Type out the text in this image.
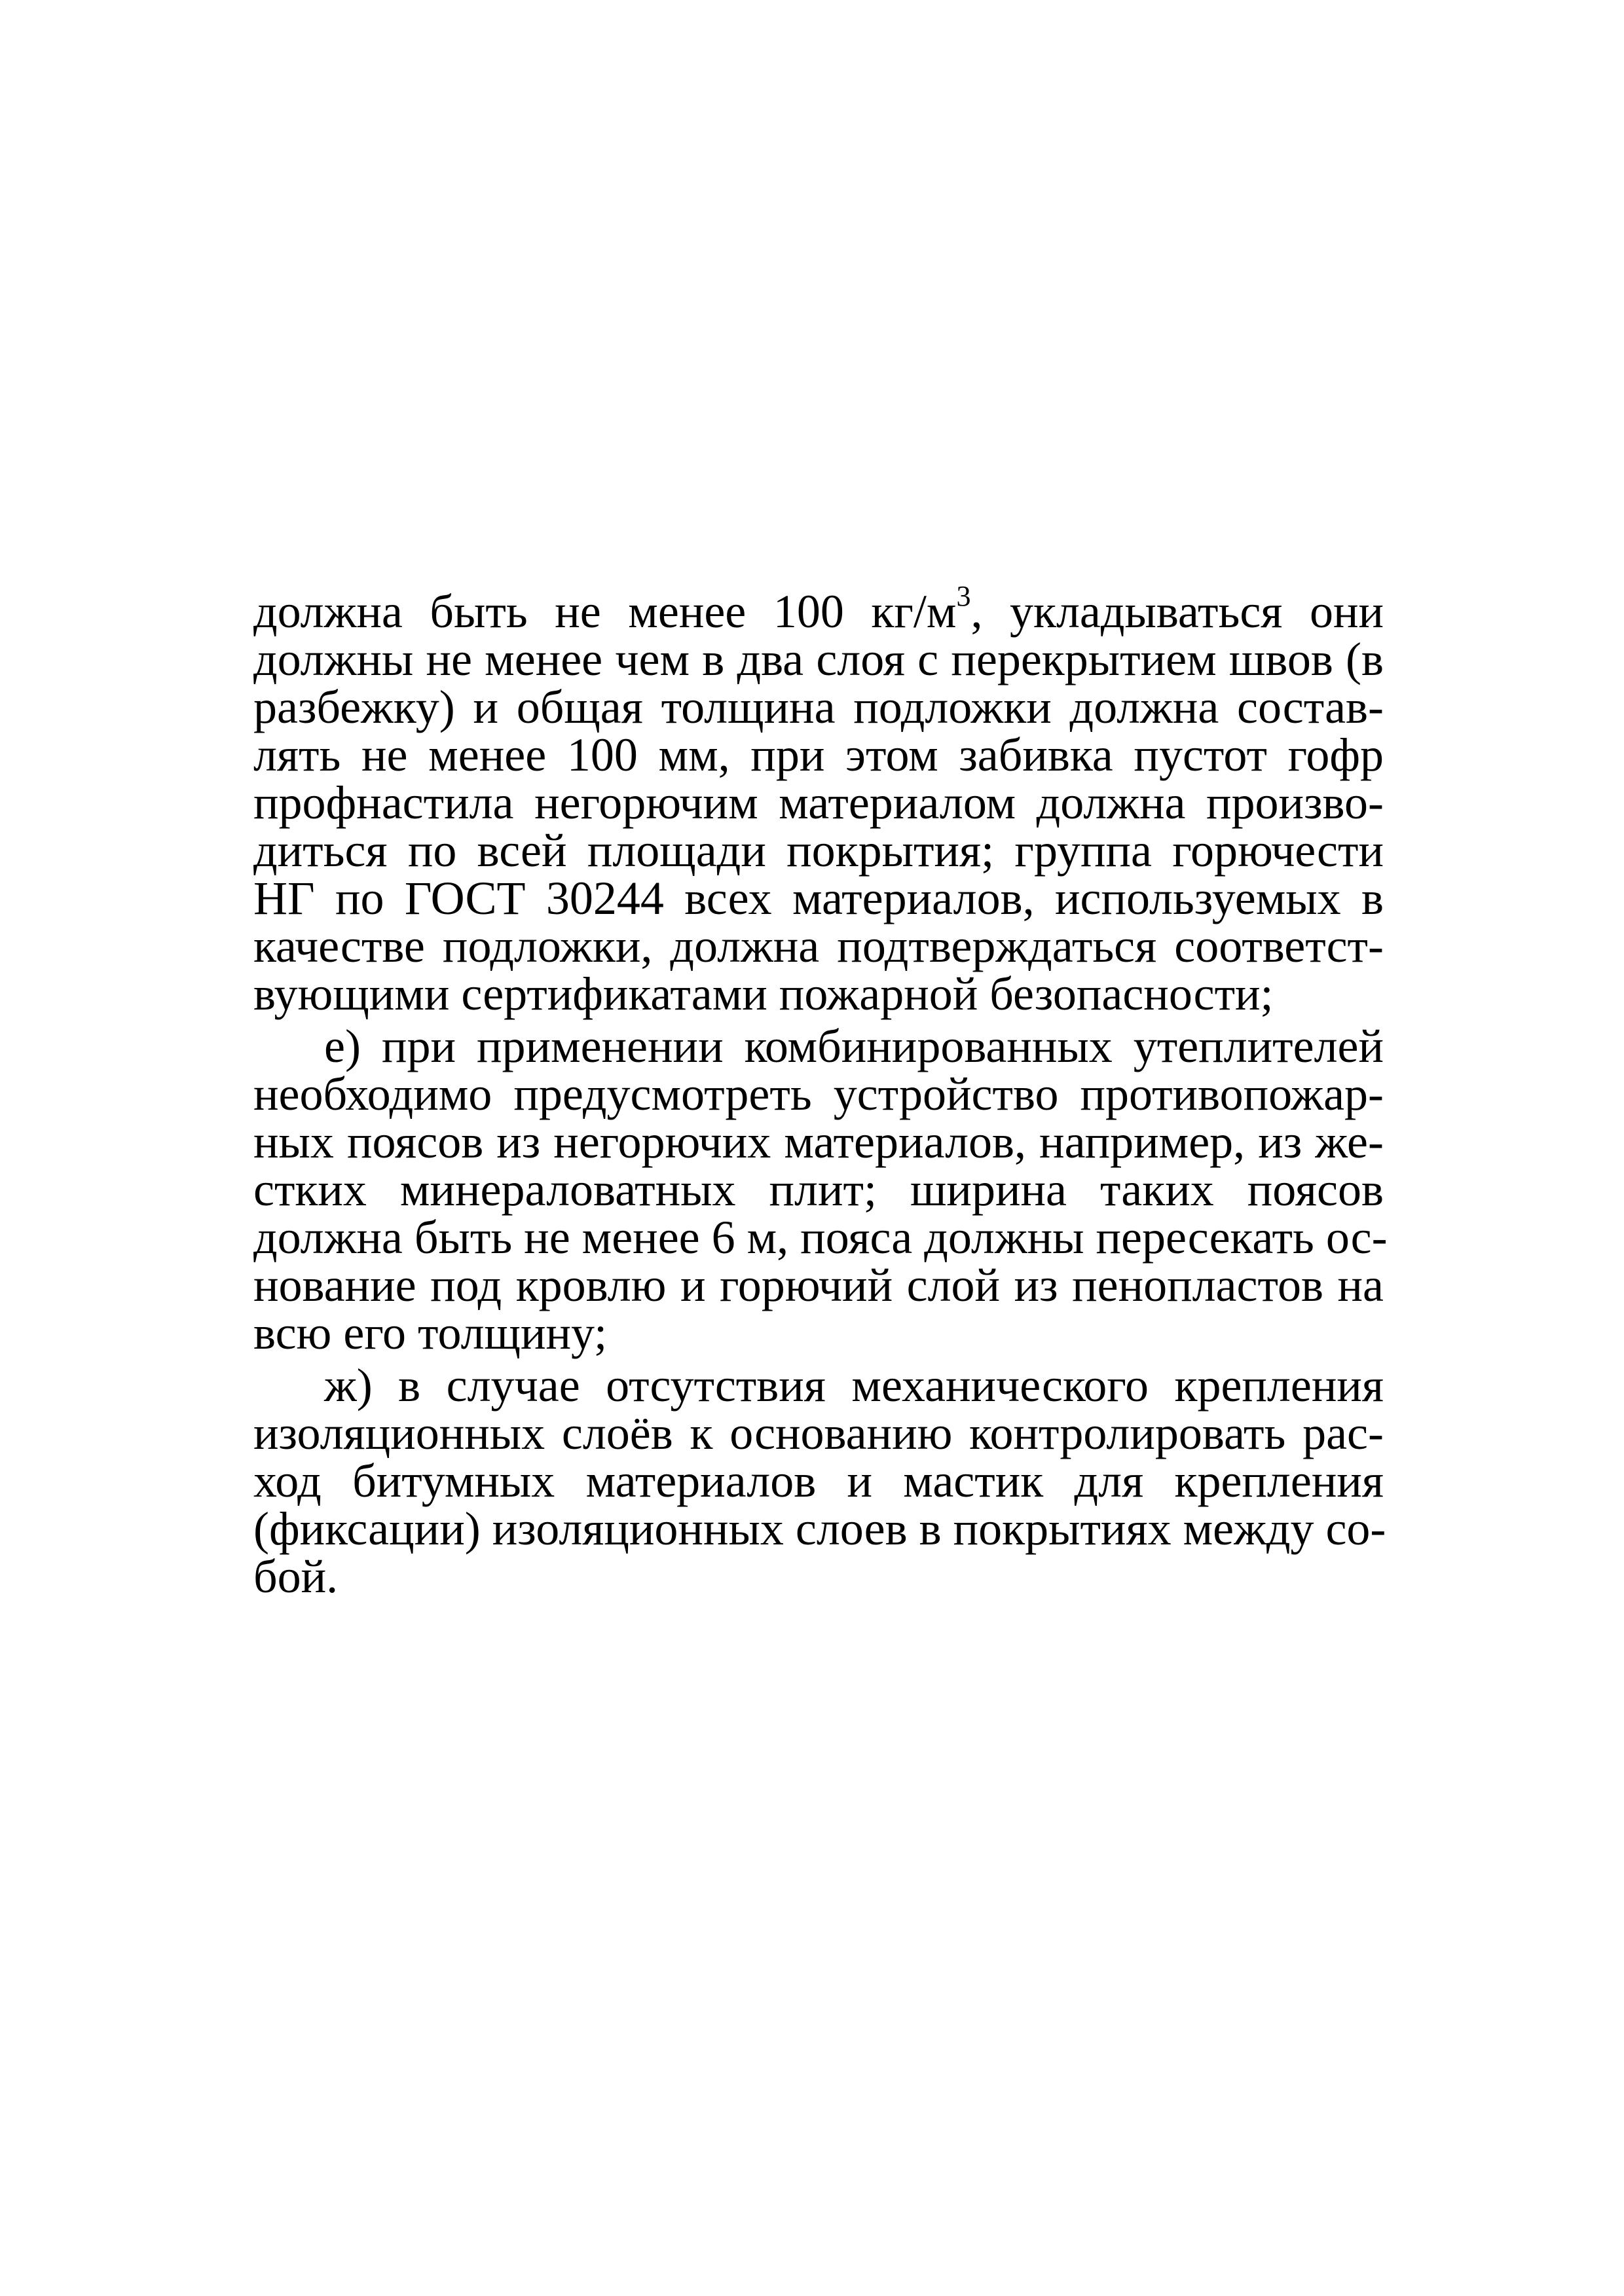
должна быть не менее 100 $кг/м^3$, укладываться они
должны не менее чем в два слоя с перекрытием швов (в
разбежку) и общая толщина подложки должна состав-
лять не менее 100 мм, при этом забивка пустот гофр
профнастила негорючим материалом должна произво-
диться по всей площади покрытия; группа горючести
НГ по ГОСТ 30244 всех материалов, используемых в
качестве подложки, должна подтверждаться соответст-
вующими сертификатами пожарной безопасности;
е) при применении комбинированных утеплителей
необходимо предусмотреть устройство противопожар-
ных поясов из негорючих материалов, например, из же-
стких минераловатных плит; ширина таких поясов
должна быть не менее 6 м, пояса должны пересекать ос-
нование под кровлю и горючий слой из пенопластов на
всю его толщину;
ж) в случае отсутствия механического крепления
изоляционных слоёв к основанию контролировать рас-
ход битумных материалов и мастик для крепления
(фиксации) изоляционных слоев в покрытиях между со-
бой.
